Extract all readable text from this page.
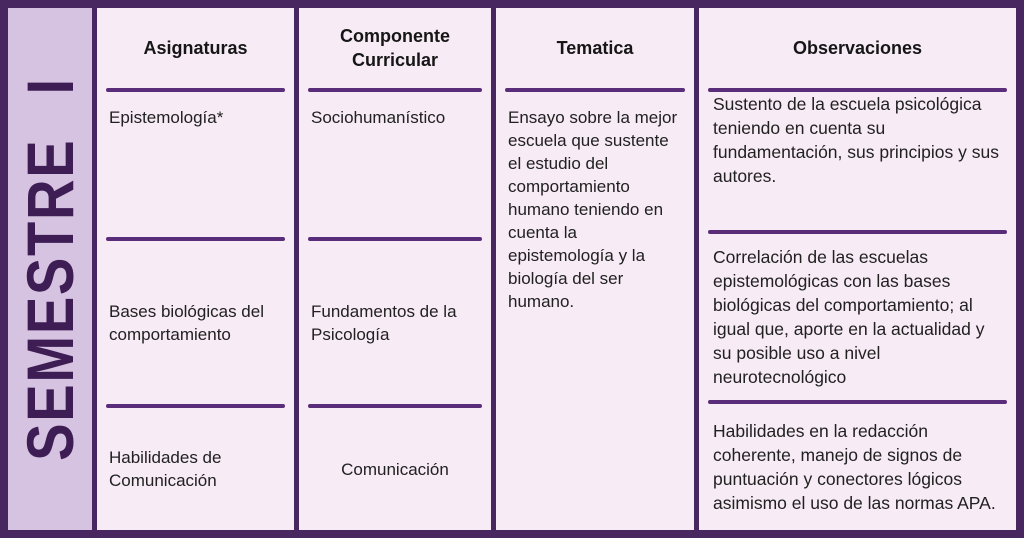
SEMESTRE
I
Asignaturas
Epistemología*
Bases biológicas del comportamiento
Habilidades de Comunicación
Componente Curricular
Sociohumanístico
Fundamentos de la Psicología
Comunicación
Tematica
Ensayo sobre la mejor escuela que sustente el estudio del comportamiento humano teniendo en cuenta la epistemología y la biología del ser humano.
Observaciones
Sustento de la escuela psicológica teniendo en cuenta su fundamentación, sus principios y sus autores.
Correlación de las escuelas epistemológicas con las bases biológicas del comportamiento; al igual que, aporte en la actualidad y su posible uso a nivel neurotecnológico
Habilidades en la redacción coherente, manejo de signos de puntuación y conectores lógicos asimismo el uso de las normas APA.
